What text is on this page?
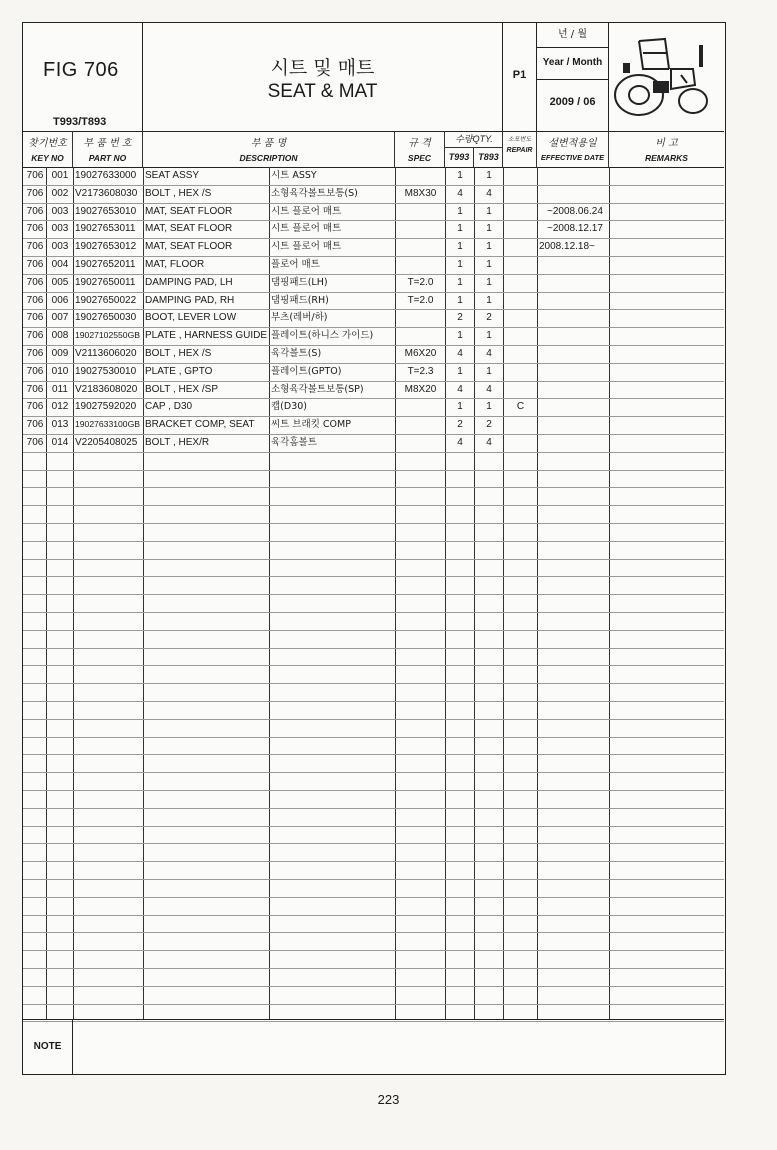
FIG 706
T993/T893
시트 및 매트
SEAT & MAT
P1
년 / 월
Year / Month
2009 / 06
찾기번호
KEY NO
부 품 번 호
PART NO
부 품 명
DESCRIPTION
규 격
SPEC
수량QTY.
T993 T893
소모번도
REPAIR
설변적용일
EFFECTIVE DATE
비 고
REMARKS
706 001 19027633000 SEAT ASSY	시트 ASSY	1	1
706 002 V2173608030 BOLT , HEX /S	소형육각볼트보통(S)	M8X30	4	4
706 003 19027653010 MAT, SEAT FLOOR	시트 플로어 매트	1	1	~2008.06.24
706 003 19027653011 MAT, SEAT FLOOR	시트 플로어 매트	1	1	~2008.12.17
706 003 19027653012 MAT, SEAT FLOOR	시트 플로어 매트	1	1	2008.12.18~
706 004 19027652011 MAT, FLOOR	플로어 매트	1	1
706 005 19027650011 DAMPING PAD, LH	댐핑패드(LH)	T=2.0	1	1
706 006 19027650022 DAMPING PAD, RH	댐핑패드(RH)	T=2.0	1	1
706 007 19027650030 BOOT, LEVER LOW	부츠(레버/하)	2	2
706 008 19027102550GB PLATE , HARNESS GUIDE 플레이트(하니스 가이드)	1	1
706 009 V2113606020 BOLT , HEX /S	육각볼트(S)	M6X20	4	4
706 010 19027530010 PLATE , GPTO	플레이트(GPTO)	T=2.3	1	1
706 011 V2183608020 BOLT , HEX /SP	소형육각볼트보통(SP)	M8X20	4	4
706 012 19027592020 CAP , D30	캡(D30)	1	1	C
706 013 19027633100GB BRACKET COMP, SEAT	씨트 브래킷 COMP	2	2
706 014 V2205408025 BOLT , HEX/R	육각홈볼트	4	4
NOTE
223
